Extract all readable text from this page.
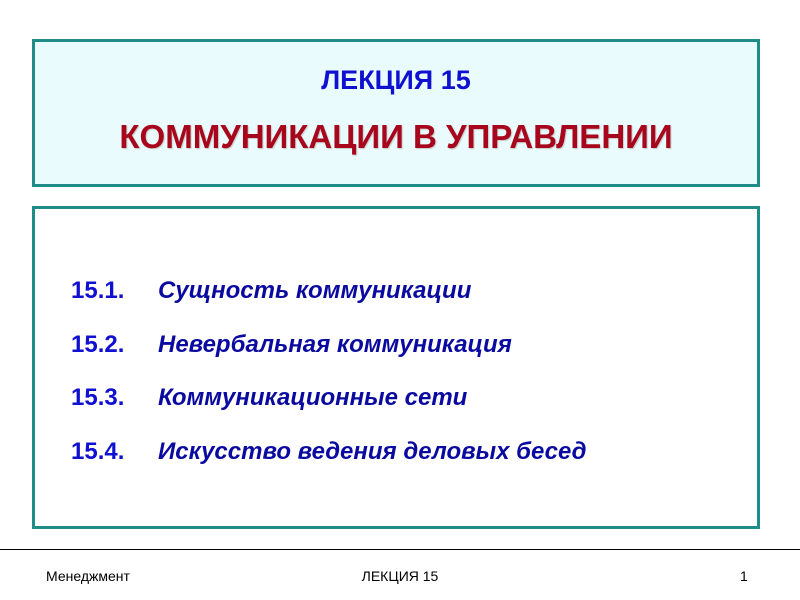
ЛЕКЦИЯ 15
КОММУНИКАЦИИ В УПРАВЛЕНИИ
15.1. Сущность коммуникации
15.2. Невербальная коммуникация
15.3. Коммуникационные сети
15.4. Искусство ведения деловых бесед
Менеджмент	ЛЕКЦИЯ 15	1
